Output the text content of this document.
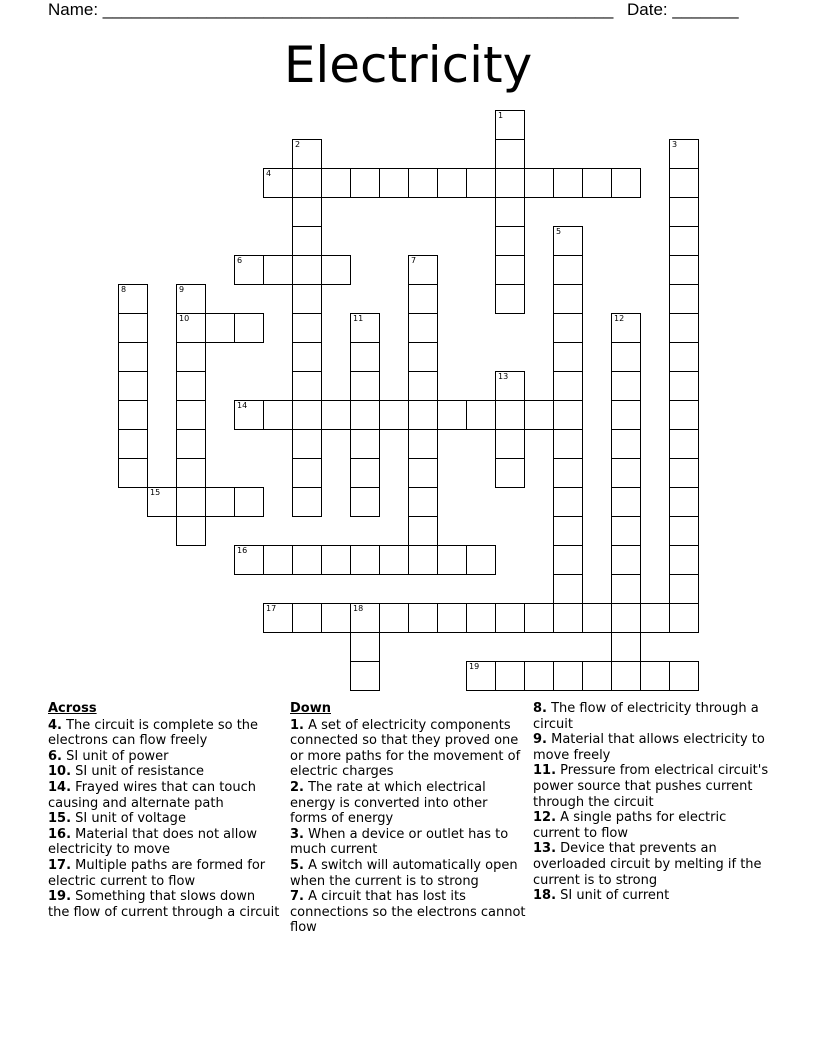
Name: ______________________________________________________ Date: _______
Electricity
1
2	3
4
5
6	7
8	9
10	11	12
13
14
15
16
17	18
19
Across
4. The circuit is complete so the electrons can flow freely
6. SI unit of power
10. SI unit of resistance
14. Frayed wires that can touch causing and alternate path
15. SI unit of voltage
16. Material that does not allow electricity to move
17. Multiple paths are formed for electric current to flow
19. Something that slows down the flow of current through a circuit
Down
1. A set of electricity components connected so that they proved one or more paths for the movement of electric charges
2. The rate at which electrical energy is converted into other forms of energy
3. When a device or outlet has to much current
5. A switch will automatically open when the current is to strong
7. A circuit that has lost its connections so the electrons cannot flow
8. The flow of electricity through a circuit
9. Material that allows electricity to move freely
11. Pressure from electrical circuit's power source that pushes current through the circuit
12. A single paths for electric current to flow
13. Device that prevents an overloaded circuit by melting if the current is to strong
18. SI unit of current
